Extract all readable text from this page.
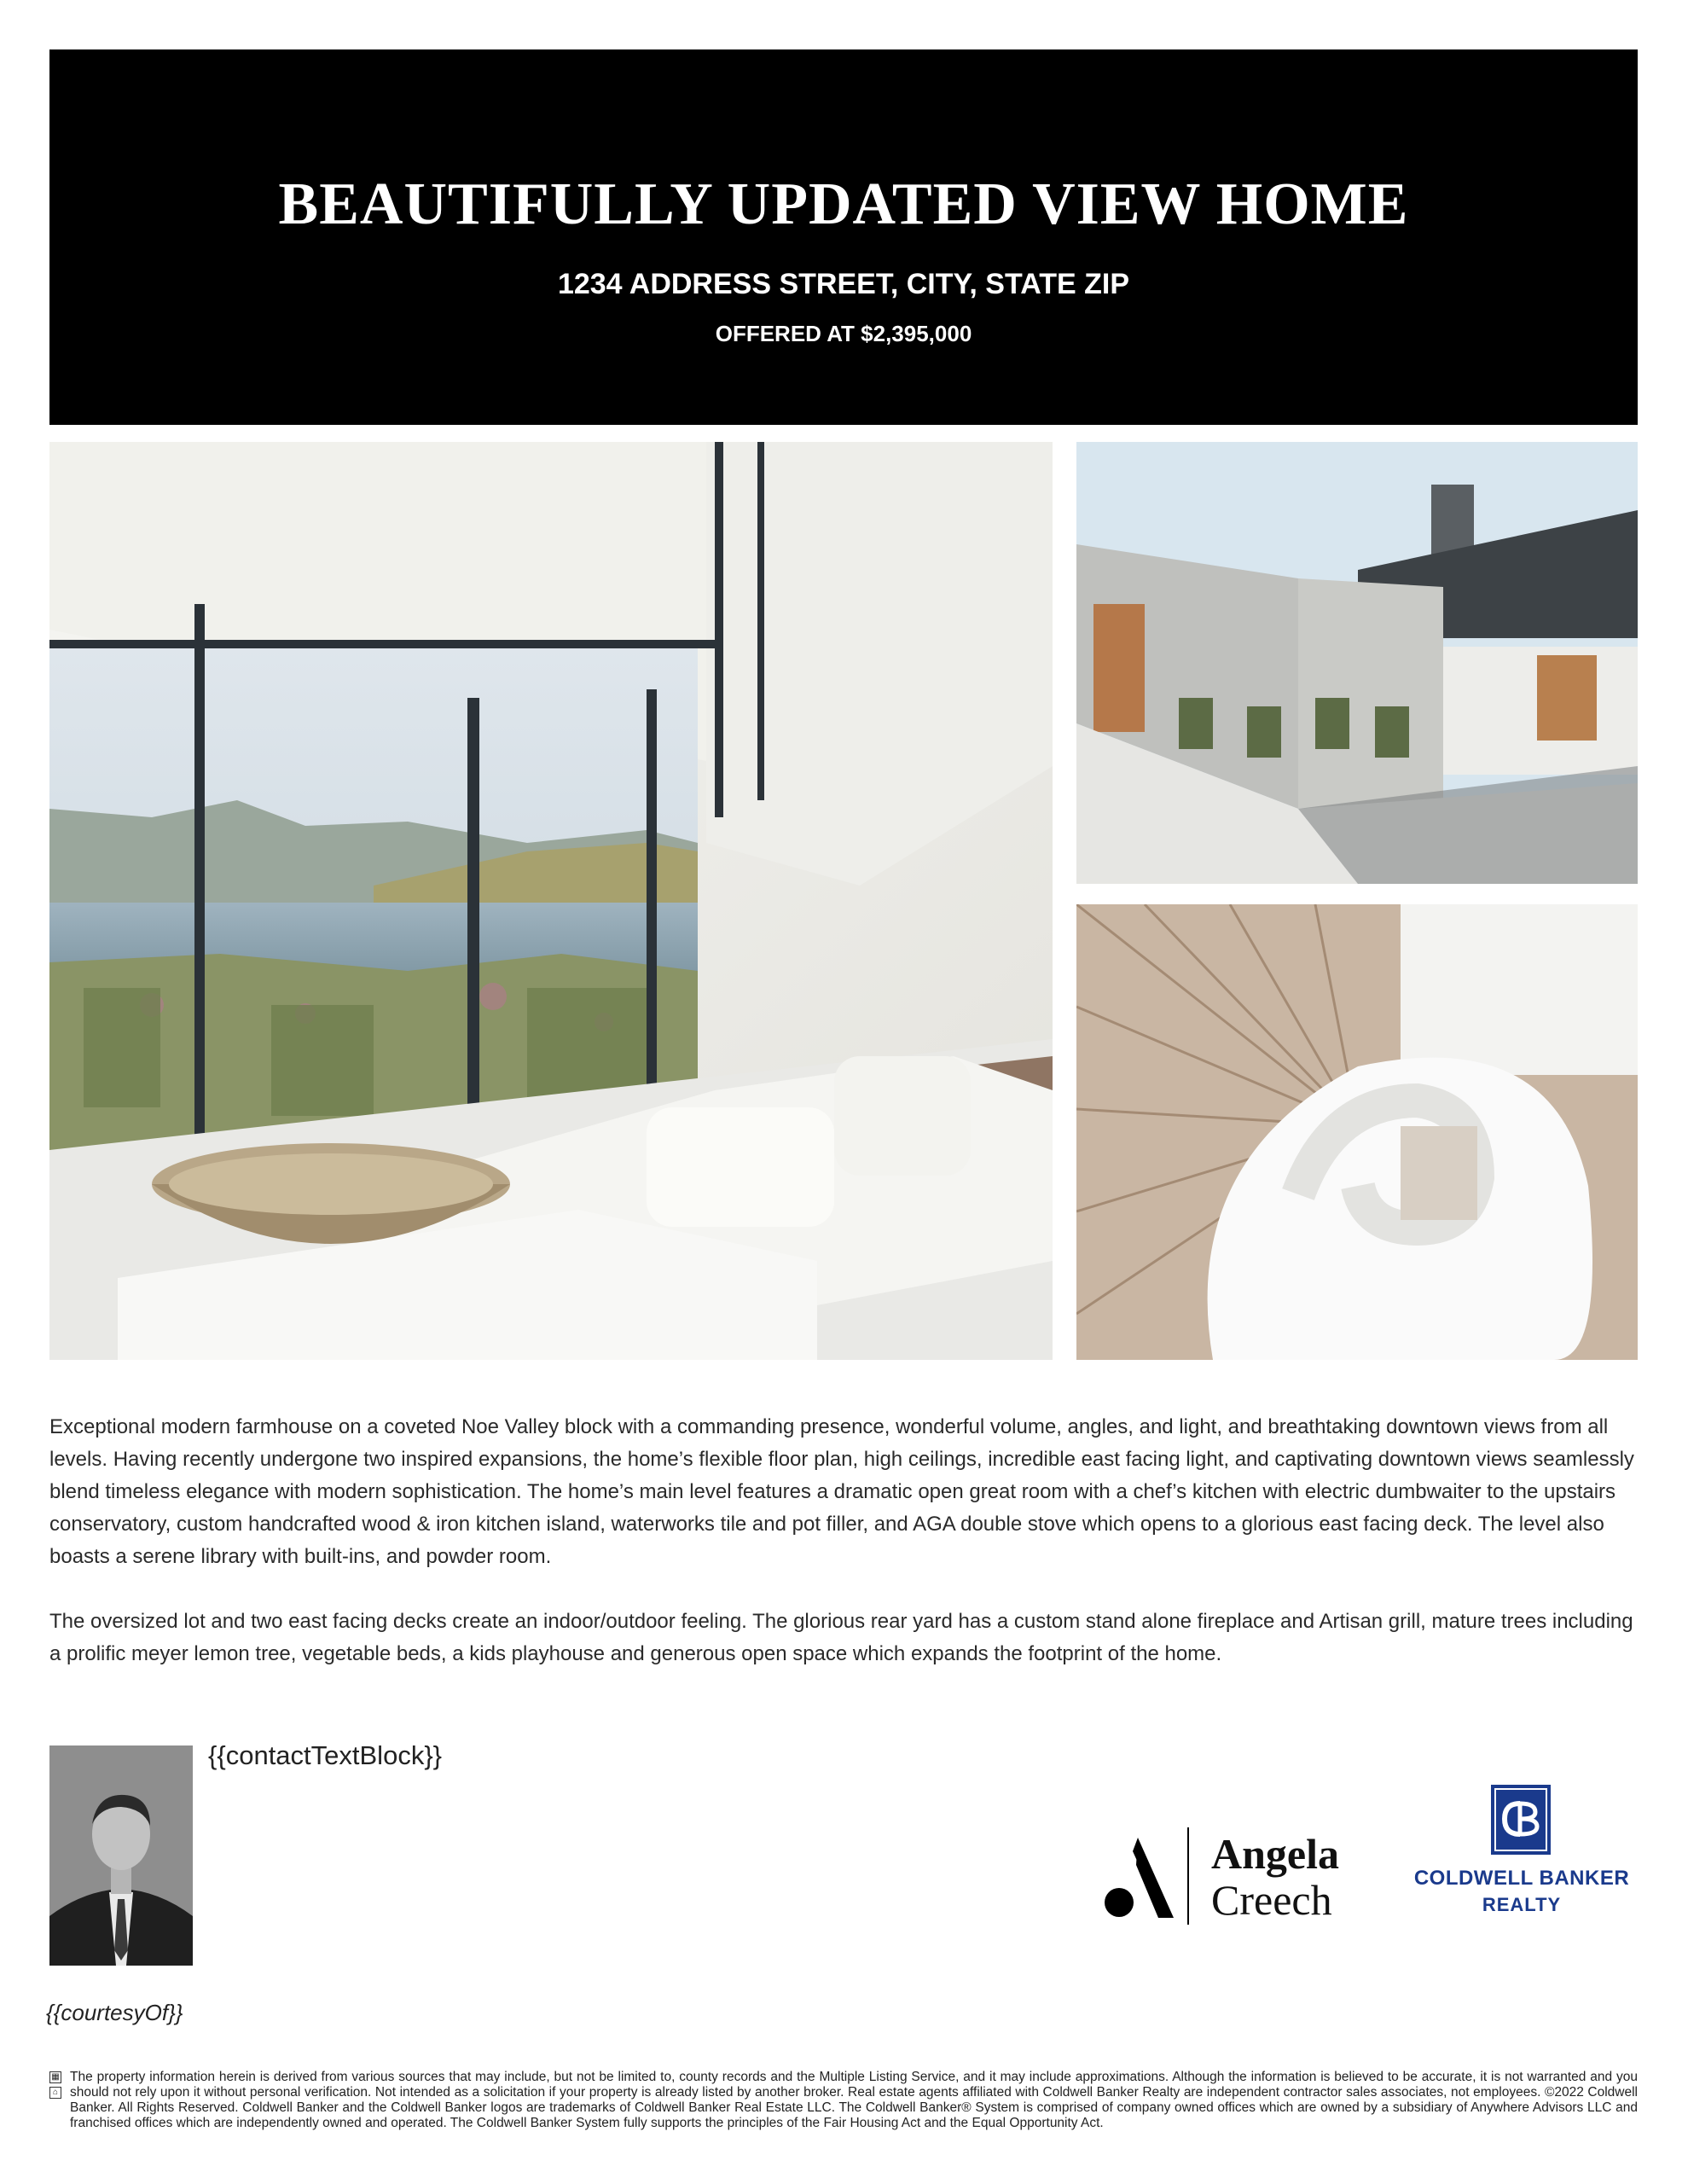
BEAUTIFULLY UPDATED VIEW HOME
1234 ADDRESS STREET, CITY, STATE ZIP
OFFERED AT $2,395,000

Exceptional modern farmhouse on a coveted Noe Valley block with a commanding presence, wonderful volume, angles, and light, and breathtaking downtown views from all levels. Having recently undergone two inspired expansions, the home’s flexible floor plan, high ceilings, incredible east facing light, and captivating downtown views seamlessly blend timeless elegance with modern sophistication. The home’s main level features a dramatic open great room with a chef’s kitchen with electric dumbwaiter to the upstairs conservatory, custom handcrafted wood & iron kitchen island, waterworks tile and pot filler, and AGA double stove which opens to a glorious east facing deck. The level also boasts a serene library with built-ins, and powder room.

The oversized lot and two east facing decks create an indoor/outdoor feeling. The glorious rear yard has a custom stand alone fireplace and Artisan grill, mature trees including a prolific meyer lemon tree, vegetable beds, a kids playhouse and generous open space which expands the footprint of the home.

{{contactTextBlock}}
{{courtesyOf}}
Angela
Creech	COLDWELL BANKER
REALTY
▦
⌂
The property information herein is derived from various sources that may include, but not be limited to, county records and the Multiple Listing Service, and it may include approximations. Although the information is believed to be accurate, it is not warranted and you should not rely upon it without personal verification. Not intended as a solicitation if your property is already listed by another broker. Real estate agents affiliated with Coldwell Banker Realty are independent contractor sales associates, not employees. ©2022 Coldwell Banker. All Rights Reserved. Coldwell Banker and the Coldwell Banker logos are trademarks of Coldwell Banker Real Estate LLC. The Coldwell Banker® System is comprised of company owned offices which are owned by a subsidiary of Anywhere Advisors LLC and franchised offices which are independently owned and operated. The Coldwell Banker System fully supports the principles of the Fair Housing Act and the Equal Opportunity Act.
